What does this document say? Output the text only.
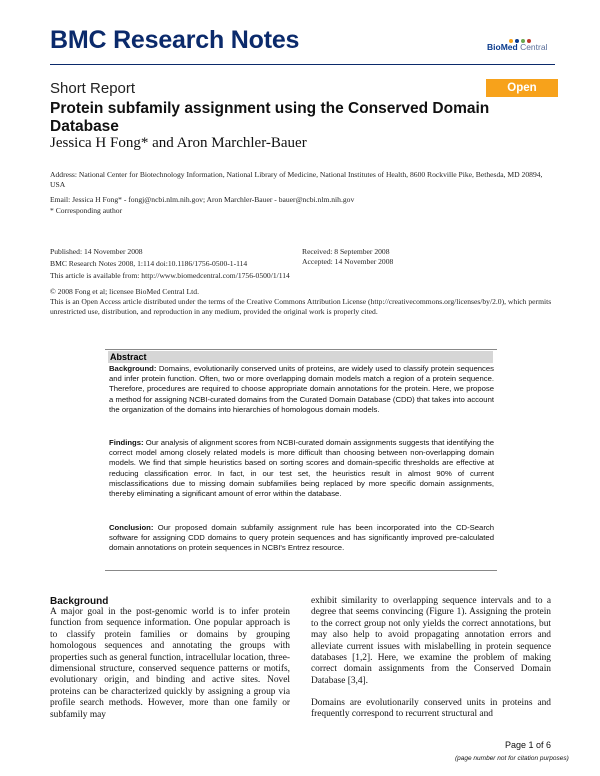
BMC Research Notes	BioMed Central
Short Report	Open Access
Protein subfamily assignment using the Conserved Domain Database
Jessica H Fong* and Aron Marchler-Bauer
Address: National Center for Biotechnology Information, National Library of Medicine, National Institutes of Health, 8600 Rockville Pike, Bethesda, MD 20894, USA
Email: Jessica H Fong* - fongj@ncbi.nlm.nih.gov; Aron Marchler-Bauer - bauer@ncbi.nlm.nih.gov
* Corresponding author
Published: 14 November 2008
BMC Research Notes 2008, 1:114 doi:10.1186/1756-0500-1-114
This article is available from: http://www.biomedcentral.com/1756-0500/1/114
Received: 8 September 2008
Accepted: 14 November 2008
© 2008 Fong et al; licensee BioMed Central Ltd.
This is an Open Access article distributed under the terms of the Creative Commons Attribution License (http://creativecommons.org/licenses/by/2.0), which permits unrestricted use, distribution, and reproduction in any medium, provided the original work is properly cited.
Abstract
Background: Domains, evolutionarily conserved units of proteins, are widely used to classify protein sequences and infer protein function. Often, two or more overlapping domain models match a region of a protein sequence. Therefore, procedures are required to choose appropriate domain annotations for the protein. Here, we propose a method for assigning NCBI-curated domains from the Curated Domain Database (CDD) that takes into account the organization of the domains into hierarchies of homologous domain models.
Findings: Our analysis of alignment scores from NCBI-curated domain assignments suggests that identifying the correct model among closely related models is more difficult than choosing between non-overlapping domain models. We find that simple heuristics based on sorting scores and domain-specific thresholds are effective at reducing classification error. In fact, in our test set, the heuristics result in almost 90% of current misclassifications due to missing domain subfamilies being replaced by more specific domain assignments, thereby eliminating a significant amount of error within the database.
Conclusion: Our proposed domain subfamily assignment rule has been incorporated into the CD-Search software for assigning CDD domains to query protein sequences and has significantly improved pre-calculated domain annotations on protein sequences in NCBI's Entrez resource.
Background
A major goal in the post-genomic world is to infer protein function from sequence information. One popular approach is to classify protein families or domains by grouping homologous sequences and annotating the groups with properties such as general function, intracellular location, three-dimensional structure, conserved sequence patterns or motifs, evolutionary origin, and binding and active sites. Novel proteins can be characterized quickly by assigning a group via profile search methods. However, more than one family or subfamily may
exhibit similarity to overlapping sequence intervals and to a degree that seems convincing (Figure 1). Assigning the protein to the correct group not only yields the correct annotations, but may also help to avoid propagating annotation errors and alleviate current issues with mislabelling in protein sequence databases [1,2]. Here, we examine the problem of making correct domain assignments from the Conserved Domain Database [3,4].
Domains are evolutionarily conserved units in proteins and frequently correspond to recurrent structural and
Page 1 of 6
(page number not for citation purposes)
